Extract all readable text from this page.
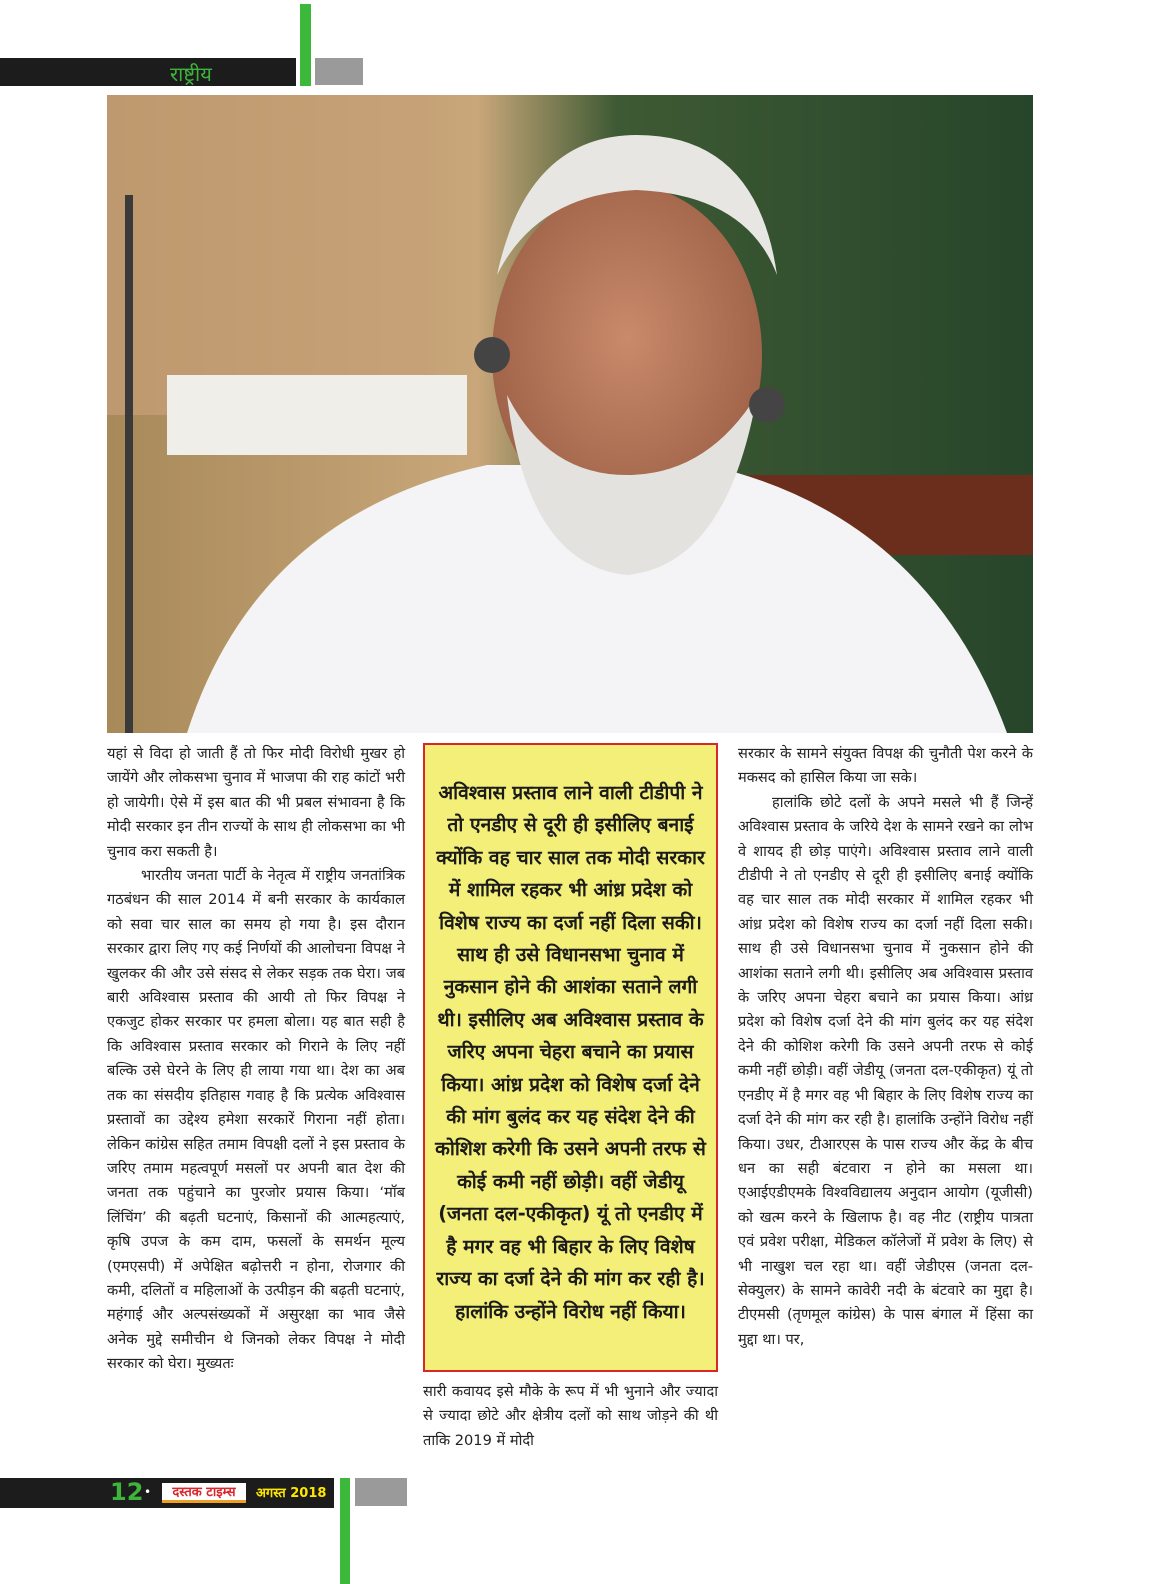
राष्ट्रीय

यहां से विदा हो जाती हैं तो फिर मोदी विरोधी मुखर हो जायेंगे और लोकसभा चुनाव में भाजपा की राह कांटों भरी हो जायेगी। ऐसे में इस बात की भी प्रबल संभावना है कि मोदी सरकार इन तीन राज्यों के साथ ही लोकसभा का भी चुनाव करा सकती है।

भारतीय जनता पार्टी के नेतृत्व में राष्ट्रीय जनतांत्रिक गठबंधन की साल 2014 में बनी सरकार के कार्यकाल को सवा चार साल का समय हो गया है। इस दौरान सरकार द्वारा लिए गए कई निर्णयों की आलोचना विपक्ष ने खुलकर की और उसे संसद से लेकर सड़क तक घेरा। जब बारी अविश्वास प्रस्ताव की आयी तो फिर विपक्ष ने एकजुट होकर सरकार पर हमला बोला। यह बात सही है कि अविश्वास प्रस्ताव सरकार को गिराने के लिए नहीं बल्कि उसे घेरने के लिए ही लाया गया था। देश का अब तक का संसदीय इतिहास गवाह है कि प्रत्येक अविश्वास प्रस्तावों का उद्देश्य हमेशा सरकारें गिराना नहीं होता। लेकिन कांग्रेस सहित तमाम विपक्षी दलों ने इस प्रस्ताव के जरिए तमाम महत्वपूर्ण मसलों पर अपनी बात देश की जनता तक पहुंचाने का पुरजोर प्रयास किया। ‘मॉब लिंचिंग’ की बढ़ती घटनाएं, किसानों की आत्महत्याएं, कृषि उपज के कम दाम, फसलों के समर्थन मूल्य (एमएसपी) में अपेक्षित बढ़ोत्तरी न होना, रोजगार की कमी, दलितों व महिलाओं के उत्पीड़न की बढ़ती घटनाएं, महंगाई और अल्पसंख्यकों में असुरक्षा का भाव जैसे अनेक मुद्दे समीचीन थे जिनको लेकर विपक्ष ने मोदी सरकार को घेरा। मुख्यतः

अविश्वास प्रस्ताव लाने वाली टीडीपी ने तो एनडीए से दूरी ही इसीलिए बनाई क्योंकि वह चार साल तक मोदी सरकार में शामिल रहकर भी आंध्र प्रदेश को विशेष राज्य का दर्जा नहीं दिला सकी। साथ ही उसे विधानसभा चुनाव में नुकसान होने की आशंका सताने लगी थी। इसीलिए अब अविश्वास प्रस्ताव के जरिए अपना चेहरा बचाने का प्रयास किया। आंध्र प्रदेश को विशेष दर्जा देने की मांग बुलंद कर यह संदेश देने की कोशिश करेगी कि उसने अपनी तरफ से कोई कमी नहीं छोड़ी। वहीं जेडीयू (जनता दल-एकीकृत) यूं तो एनडीए में है मगर वह भी बिहार के लिए विशेष राज्य का दर्जा देने की मांग कर रही है। हालांकि उन्होंने विरोध नहीं किया।

सारी कवायद इसे मौके के रूप में भी भुनाने और ज्यादा से ज्यादा छोटे और क्षेत्रीय दलों को साथ जोड़ने की थी ताकि 2019 में मोदी

सरकार के सामने संयुक्त विपक्ष की चुनौती पेश करने के मकसद को हासिल किया जा सके।

हालांकि छोटे दलों के अपने मसले भी हैं जिन्हें अविश्वास प्रस्ताव के जरिये देश के सामने रखने का लोभ वे शायद ही छोड़ पाएंगे। अविश्वास प्रस्ताव लाने वाली टीडीपी ने तो एनडीए से दूरी ही इसीलिए बनाई क्योंकि वह चार साल तक मोदी सरकार में शामिल रहकर भी आंध्र प्रदेश को विशेष राज्य का दर्जा नहीं दिला सकी। साथ ही उसे विधानसभा चुनाव में नुकसान होने की आशंका सताने लगी थी। इसीलिए अब अविश्वास प्रस्ताव के जरिए अपना चेहरा बचाने का प्रयास किया। आंध्र प्रदेश को विशेष दर्जा देने की मांग बुलंद कर यह संदेश देने की कोशिश करेगी कि उसने अपनी तरफ से कोई कमी नहीं छोड़ी। वहीं जेडीयू (जनता दल-एकीकृत) यूं तो एनडीए में है मगर वह भी बिहार के लिए विशेष राज्य का दर्जा देने की मांग कर रही है। हालांकि उन्होंने विरोध नहीं किया। उधर, टीआरएस के पास राज्य और केंद्र के बीच धन का सही बंटवारा न होने का मसला था। एआईएडीएमके विश्वविद्यालय अनुदान आयोग (यूजीसी) को खत्म करने के खिलाफ है। वह नीट (राष्ट्रीय पात्रता एवं प्रवेश परीक्षा, मेडिकल कॉलेजों में प्रवेश के लिए) से भी नाखुश चल रहा था। वहीं जेडीएस (जनता दल-सेक्युलर) के सामने कावेरी नदी के बंटवारे का मुद्दा है। टीएमसी (तृणमूल कांग्रेस) के पास बंगाल में हिंसा का मुद्दा था। पर,

12 •	दस्तक टाइम्स	अगस्त 2018
